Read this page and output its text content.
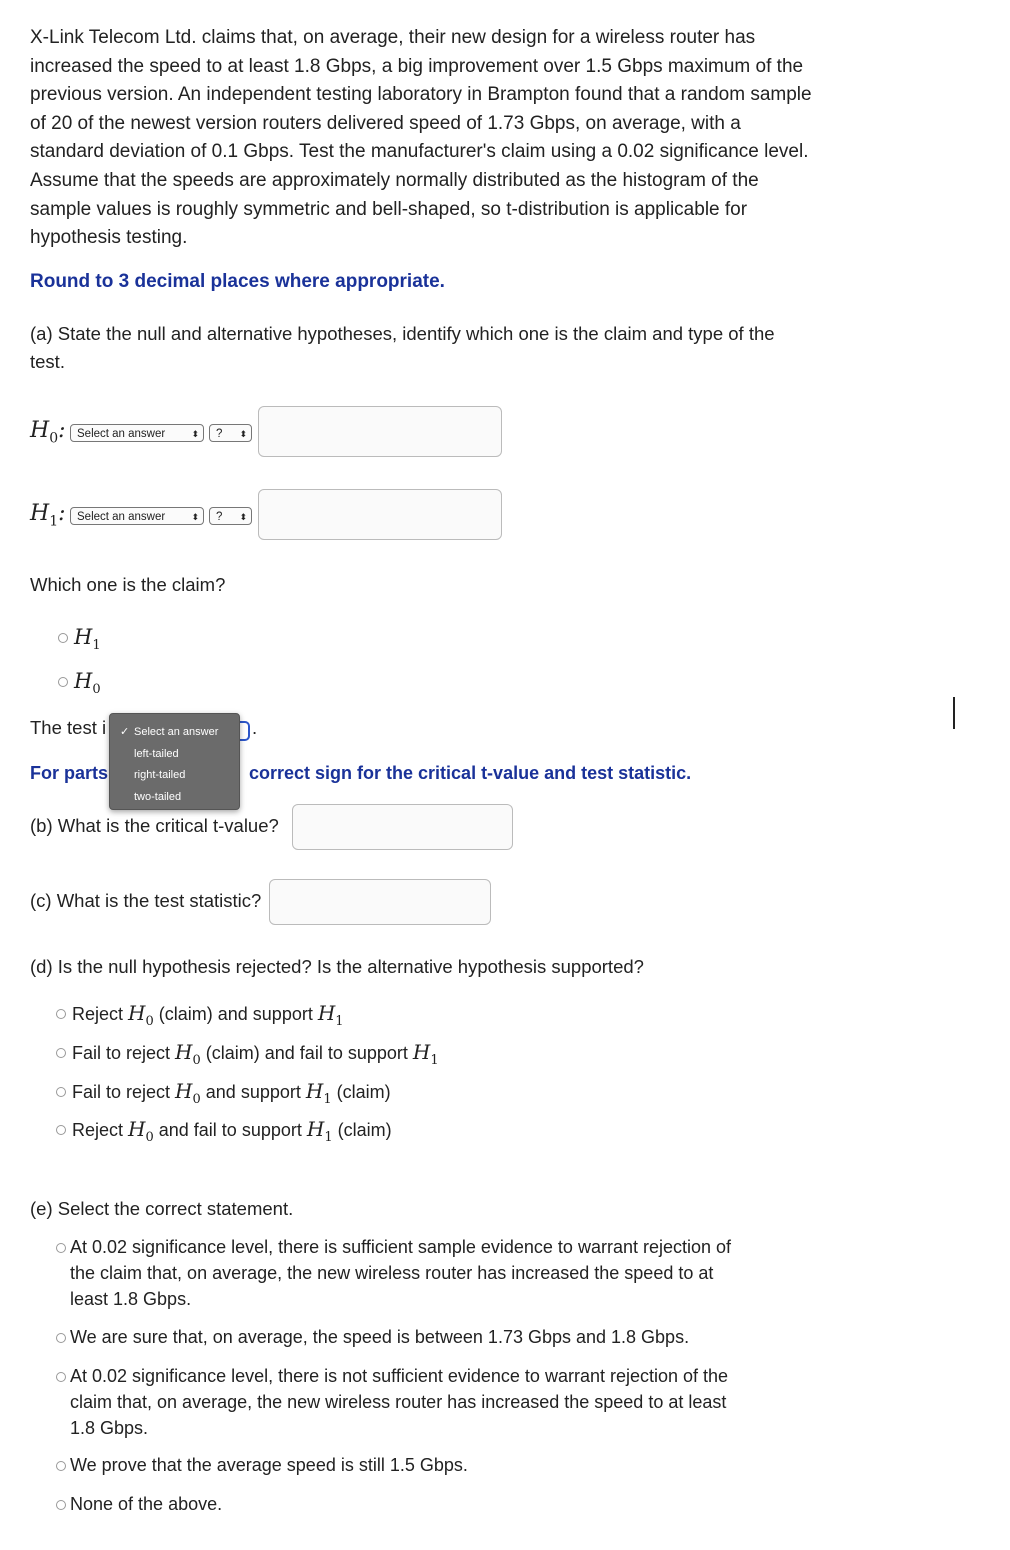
X-Link Telecom Ltd. claims that, on average, their new design for a wireless router has increased the speed to at least 1.8 Gbps, a big improvement over 1.5 Gbps maximum of the previous version. An independent testing laboratory in Brampton found that a random sample of 20 of the newest version routers delivered speed of 1.73 Gbps, on average, with a standard deviation of 0.1 Gbps. Test the manufacturer's claim using a 0.02 significance level. Assume that the speeds are approximately normally distributed as the histogram of the sample values is roughly symmetric and bell-shaped, so t-distribution is applicable for hypothesis testing.

Round to 3 decimal places where appropriate.

(a) State the null and alternative hypotheses, identify which one is the claim and type of the test.

$H_0$: Select an answer	⬍	? ⬍
$H_1$: Select an answer	⬍	? ⬍

Which one is the claim?

$H_1$
$H_0$

The test i	.

For parts	correct sign for the critical t-value and test statistic.

✓ Select an answer
left-tailed
right-tailed
two-tailed

(b) What is the critical t-value?

(c) What is the test statistic?

(d) Is the null hypothesis rejected? Is the alternative hypothesis supported?

Reject $H_0$ (claim) and support $H_1$
Fail to reject $H_0$ (claim) and fail to support $H_1$
Fail to reject $H_0$ and support $H_1$ (claim)
Reject $H_0$ and fail to support $H_1$ (claim)

(e) Select the correct statement.

At 0.02 significance level, there is sufficient sample evidence to warrant rejection of the claim that, on average, the new wireless router has increased the speed to at least 1.8 Gbps.
We are sure that, on average, the speed is between 1.73 Gbps and 1.8 Gbps.
At 0.02 significance level, there is not sufficient evidence to warrant rejection of the claim that, on average, the new wireless router has increased the speed to at least 1.8 Gbps.
We prove that the average speed is still 1.5 Gbps.
None of the above.
